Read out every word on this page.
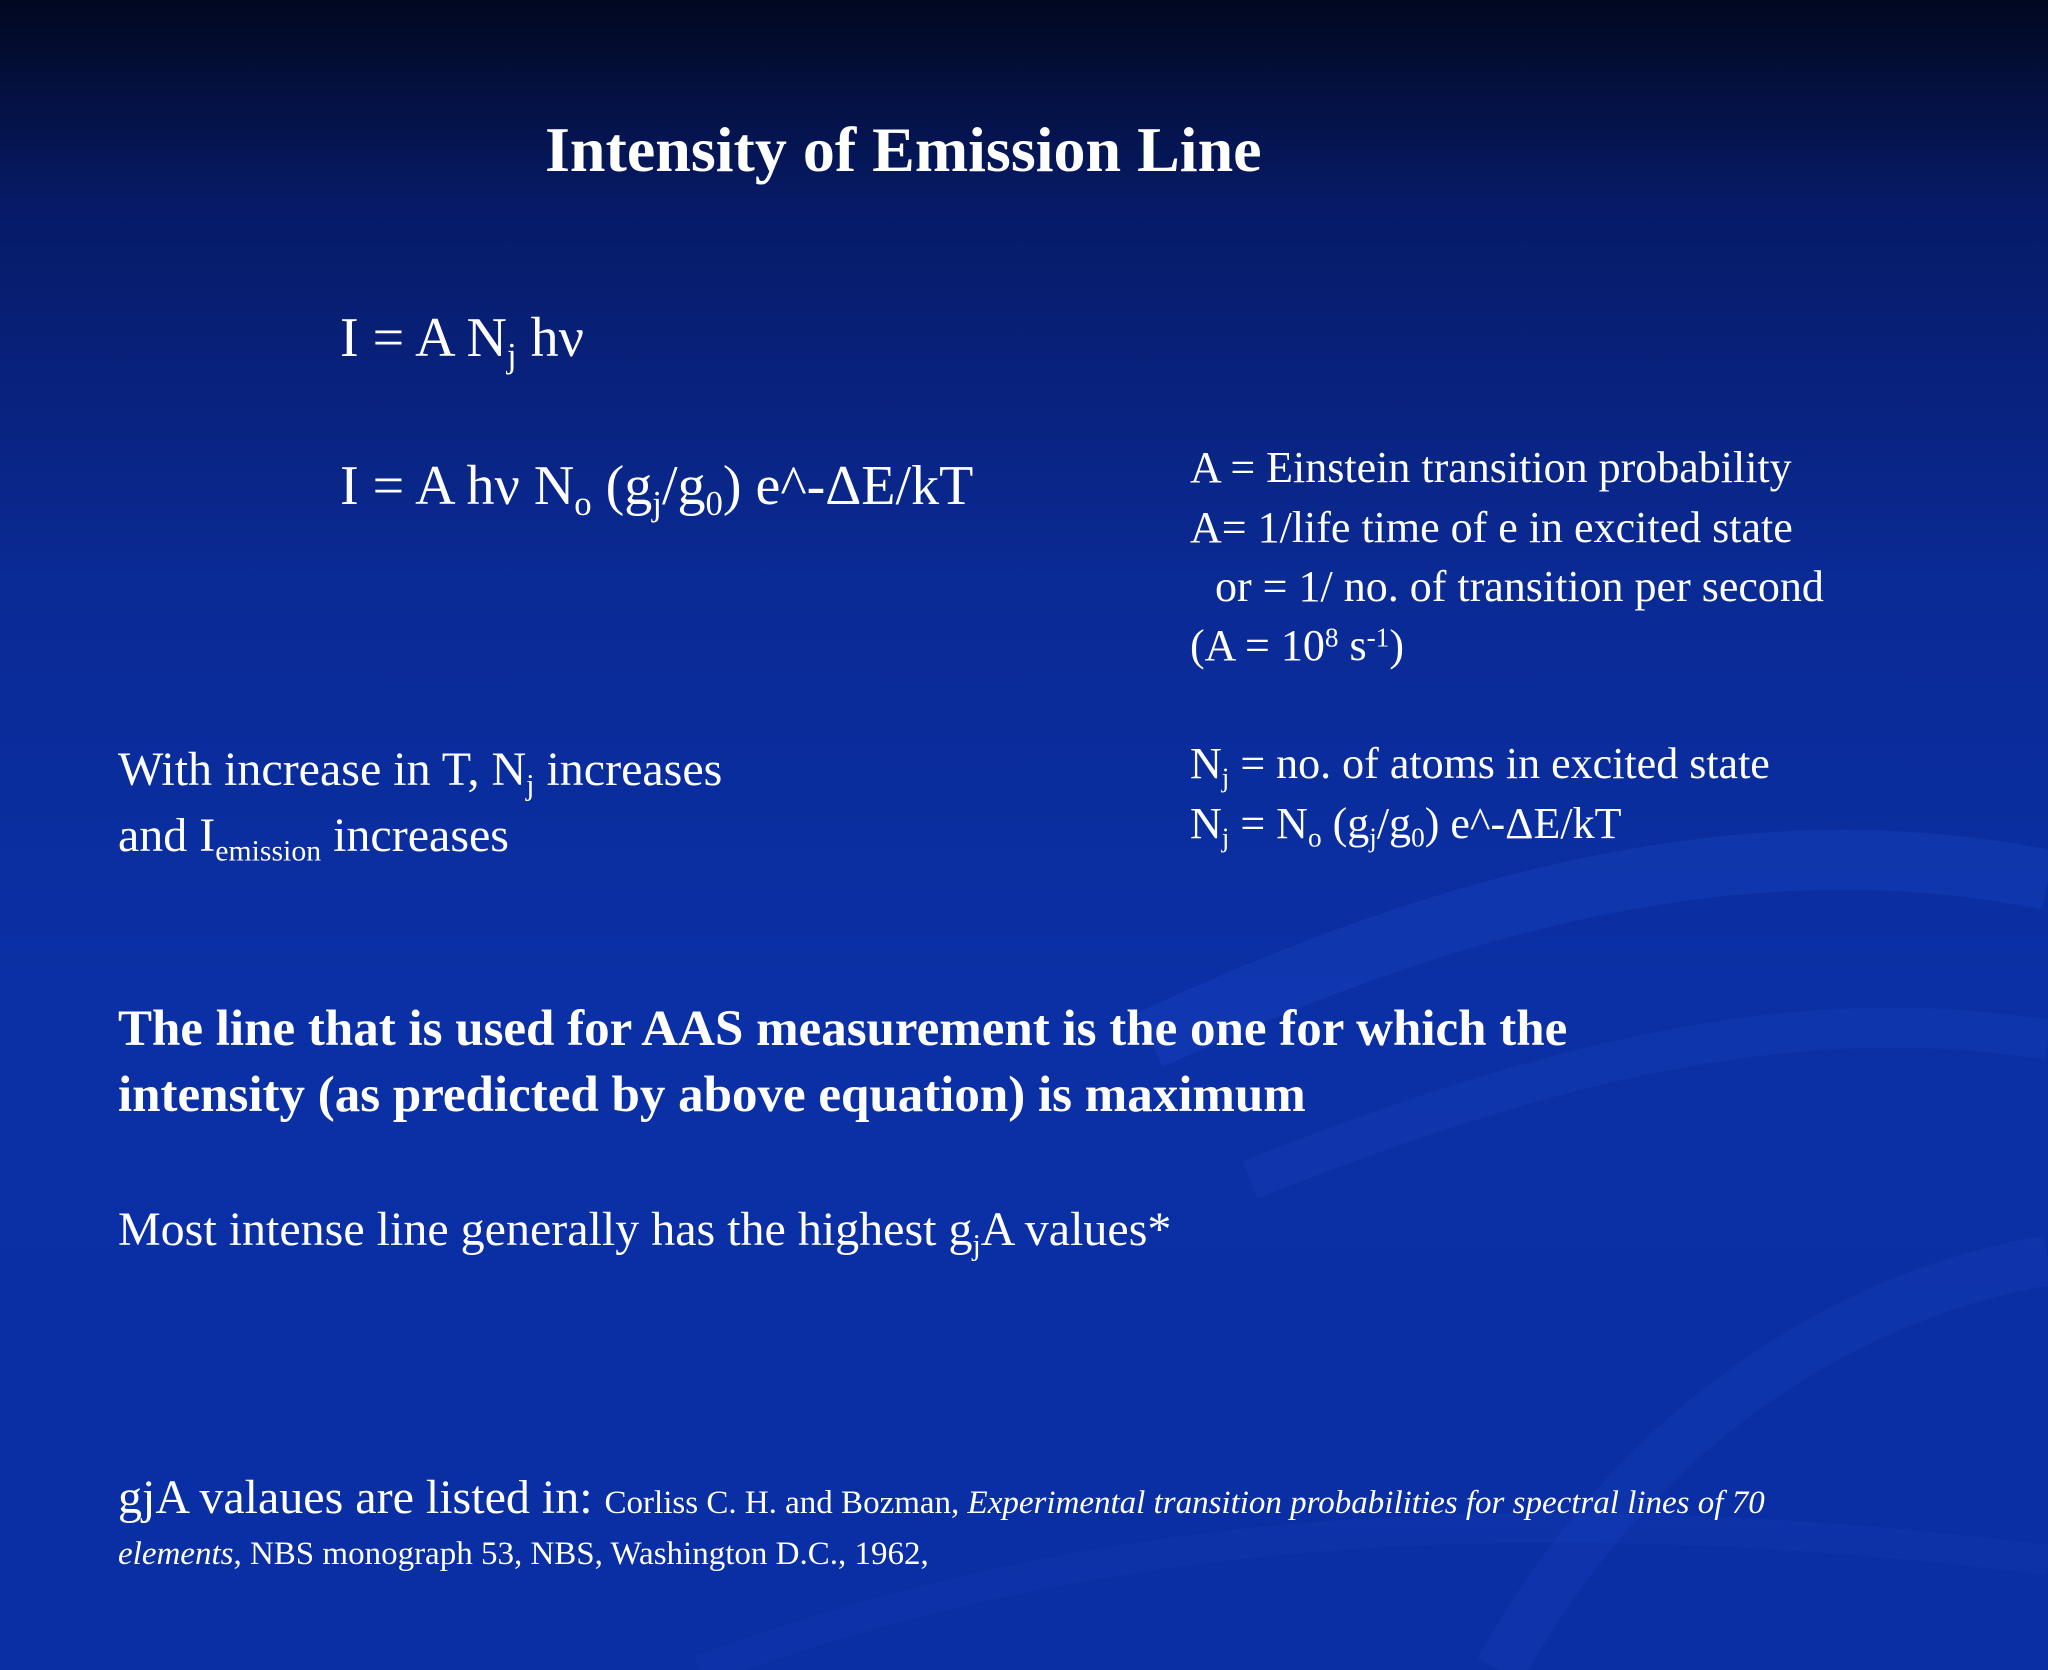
Intensity of Emission Line
I = A $N_j$ hν
I = A hν $N_o$ $(g_j/g_0)$ e^-ΔE/kT	A = Einstein transition probability
A= 1/life time of e in excited state
or = 1/ no. of transition per second
($A = 10^8$ $s^{-1}$)
$N_j$ = no. of atoms in excited state
$N_j = N_o$ $(g_j/g_0)$ e^-ΔE/kT
With increase in T, $N_j$ increases
and $I_{emission}$ increases
The line that is used for AAS measurement is the one for which the
intensity (as predicted by above equation) is maximum
Most intense line generally has the highest $g_jA$ values*
gjA valaues are listed in: Corliss C. H. and Bozman, Experimental transition probabilities for spectral lines of 70
elements, NBS monograph 53, NBS, Washington D.C., 1962,
